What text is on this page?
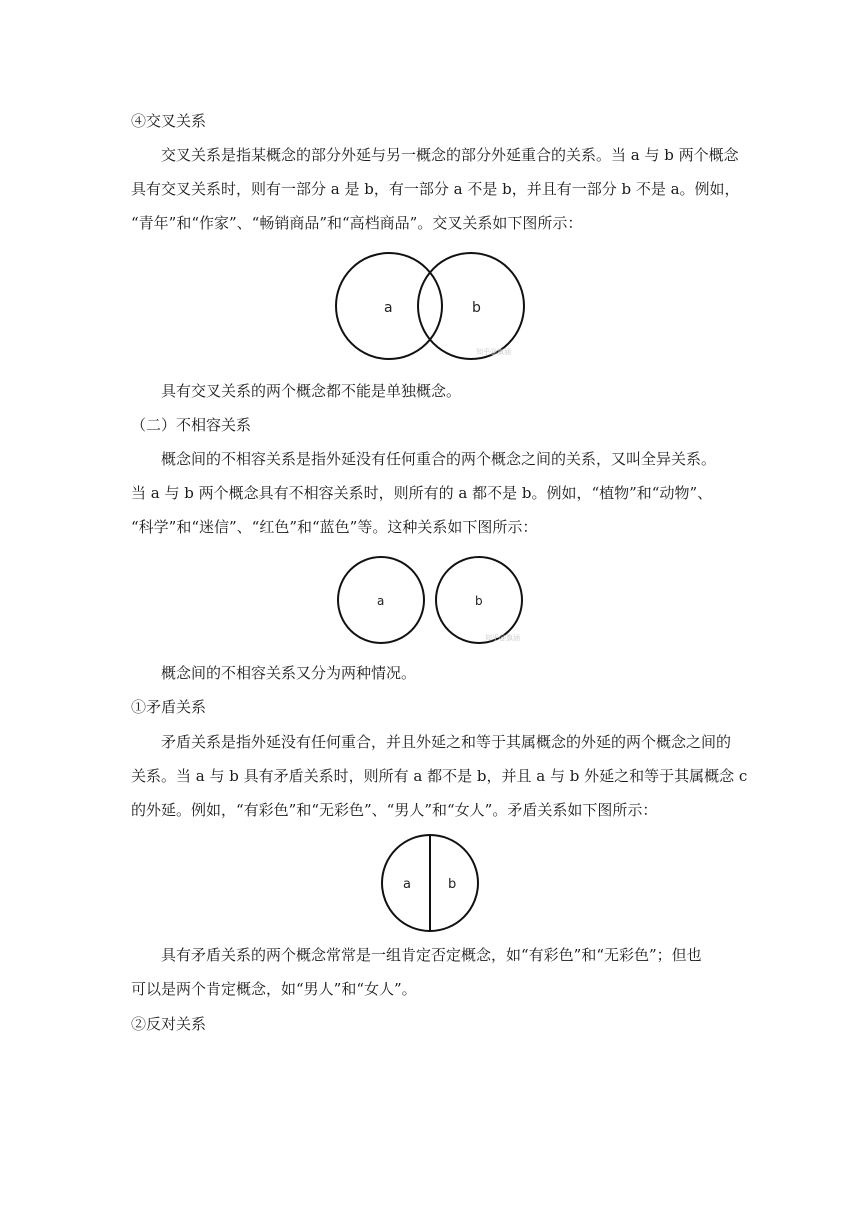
④交叉关系
交叉关系是指某概念的部分外延与另一概念的部分外延重合的关系。当 a 与 b 两个概念
具有交叉关系时，则有一部分 a 是 b，有一部分 a 不是 b，并且有一部分 b 不是 a。例如，
“青年”和“作家”、“畅销商品”和“高档商品”。交叉关系如下图所示：
a	b
知乎@旗涵
具有交叉关系的两个概念都不能是单独概念。
（二）不相容关系
概念间的不相容关系是指外延没有任何重合的两个概念之间的关系，又叫全异关系。
当 a 与 b 两个概念具有不相容关系时，则所有的 a 都不是 b。例如，“植物”和“动物”、
“科学”和“迷信”、“红色”和“蓝色”等。这种关系如下图所示：
a	b
知乎@旗涵
概念间的不相容关系又分为两种情况。
①矛盾关系
矛盾关系是指外延没有任何重合，并且外延之和等于其属概念的外延的两个概念之间的
关系。当 a 与 b 具有矛盾关系时，则所有 a 都不是 b，并且 a 与 b 外延之和等于其属概念 c
的外延。例如，“有彩色”和“无彩色”、“男人”和“女人”。矛盾关系如下图所示：
a	b
具有矛盾关系的两个概念常常是一组肯定否定概念，如“有彩色”和“无彩色”；但也
可以是两个肯定概念，如“男人”和“女人”。
②反对关系
